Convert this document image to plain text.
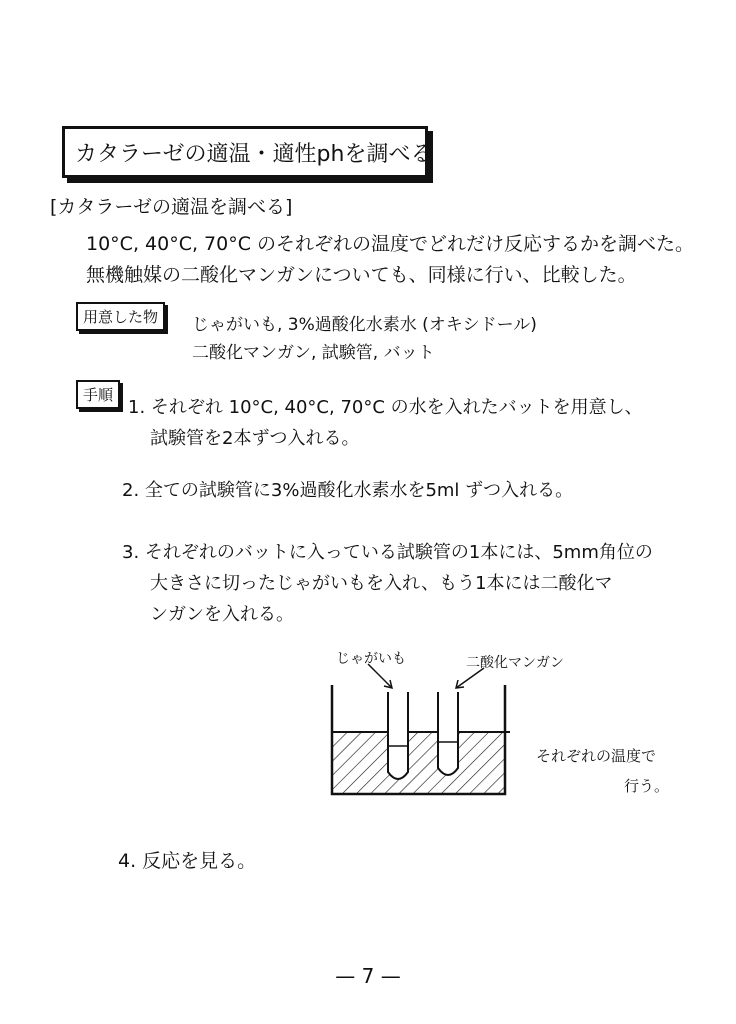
カタラーゼの適温・適性phを調べる
[カタラーゼの適温を調べる]
10°C, 40°C, 70°C のそれぞれの温度でどれだけ反応するかを調べた。
無機触媒の二酸化マンガンについても、同様に行い、比較した。
用意した物	じゃがいも, 3%過酸化水素水 (オキシドール)
二酸化マンガン, 試験管, バット
手順
1. それぞれ 10°C, 40°C, 70°C の水を入れたバットを用意し、
試験管を2本ずつ入れる。
2. 全ての試験管に3%過酸化水素水を5ml ずつ入れる。
3. それぞれのバットに入っている試験管の1本には、5mm角位の
大きさに切ったじゃがいもを入れ、もう1本には二酸化マ
ンガンを入れる。
じゃがいも	二酸化マンガン
それぞれの温度で
行う。
4. 反応を見る。
— 7 —
